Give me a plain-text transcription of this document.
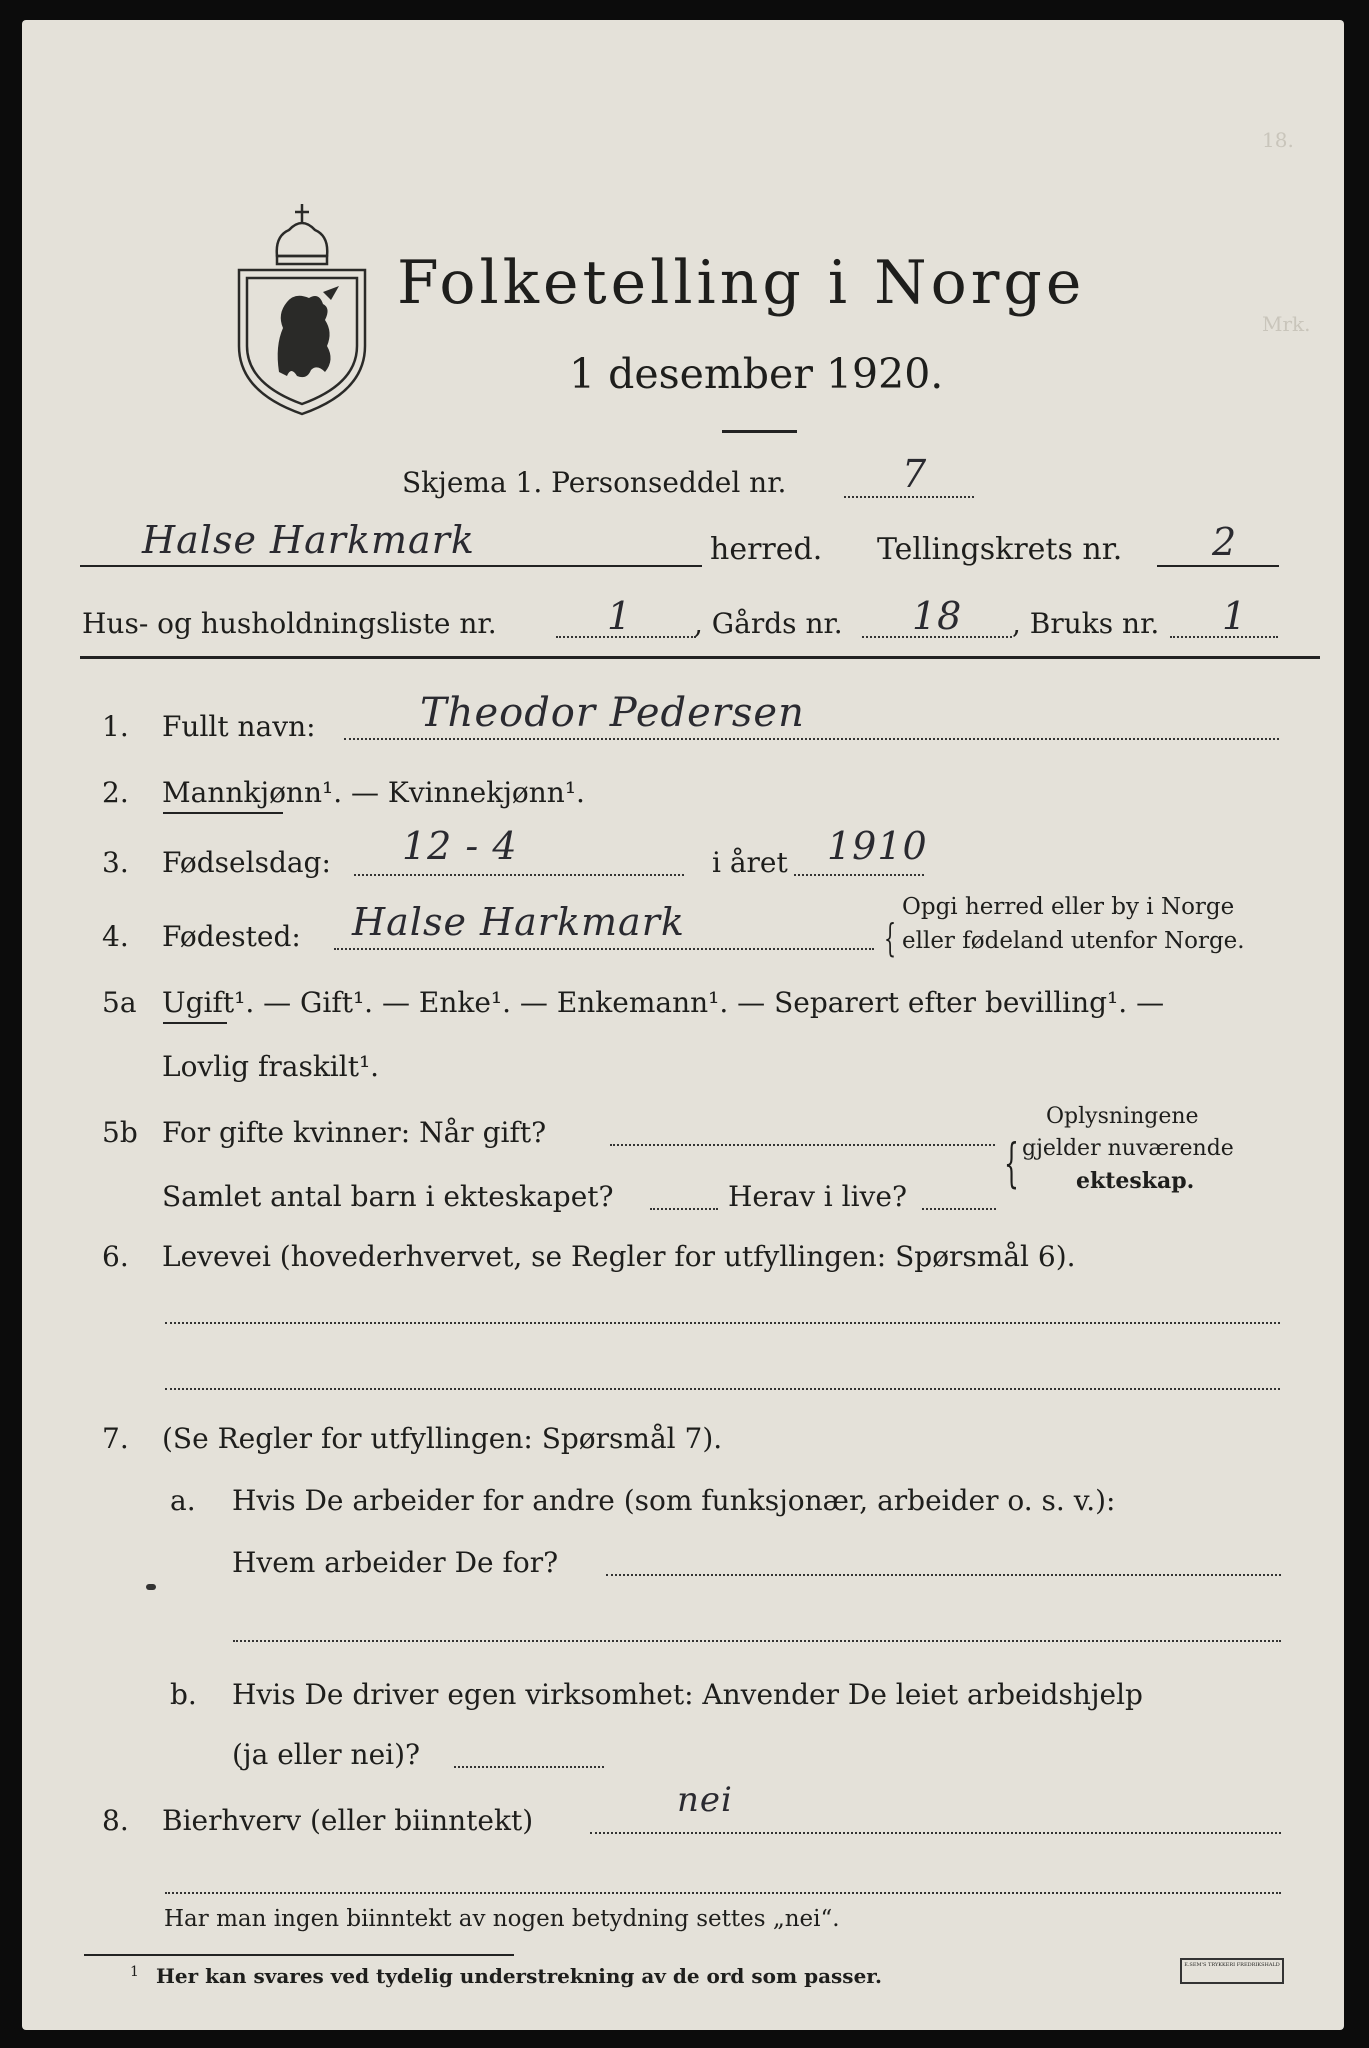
18.
Mrk.
Folketelling i Norge
1 desember 1920.
Skjema 1. Personseddel nr.	7
Halse Harkmark	herred. Tellingskrets nr. 2
Hus- og husholdningsliste nr.	1 , Gårds nr. 18 , Bruks nr. 1
1. Fullt navn:	Theodor Pedersen
2. Mannkjønn¹. — Kvinnekjønn¹.
3. Fødselsdag: 12 - 4	i året 1910
4. Fødested: Halse Harkmark	{
Opgi herred eller by i Norge
eller fødeland utenfor Norge.
5a Ugift¹. — Gift¹. — Enke¹. — Enkemann¹. — Separert efter bevilling¹. —
Lovlig fraskilt¹.
5b For gifte kvinner: Når gift?
Samlet antal barn i ekteskapet?	Herav i live?
{
Oplysningene
gjelder nuværende
ekteskap.
6. Levevei (hovederhvervet, se Regler for utfyllingen: Spørsmål 6).
7. (Se Regler for utfyllingen: Spørsmål 7).
a. Hvis De arbeider for andre (som funksjonær, arbeider o. s. v.):
Hvem arbeider De for?
b. Hvis De driver egen virksomhet: Anvender De leiet arbeidshjelp
(ja eller nei)?
8. Bierhverv (eller biinntekt)
nei
Har man ingen biinntekt av nogen betydning settes „nei“.
1 Her kan svares ved tydelig understrekning av de ord som passer.	E.SEM'S TRYKKERI FREDRIKSHALD
